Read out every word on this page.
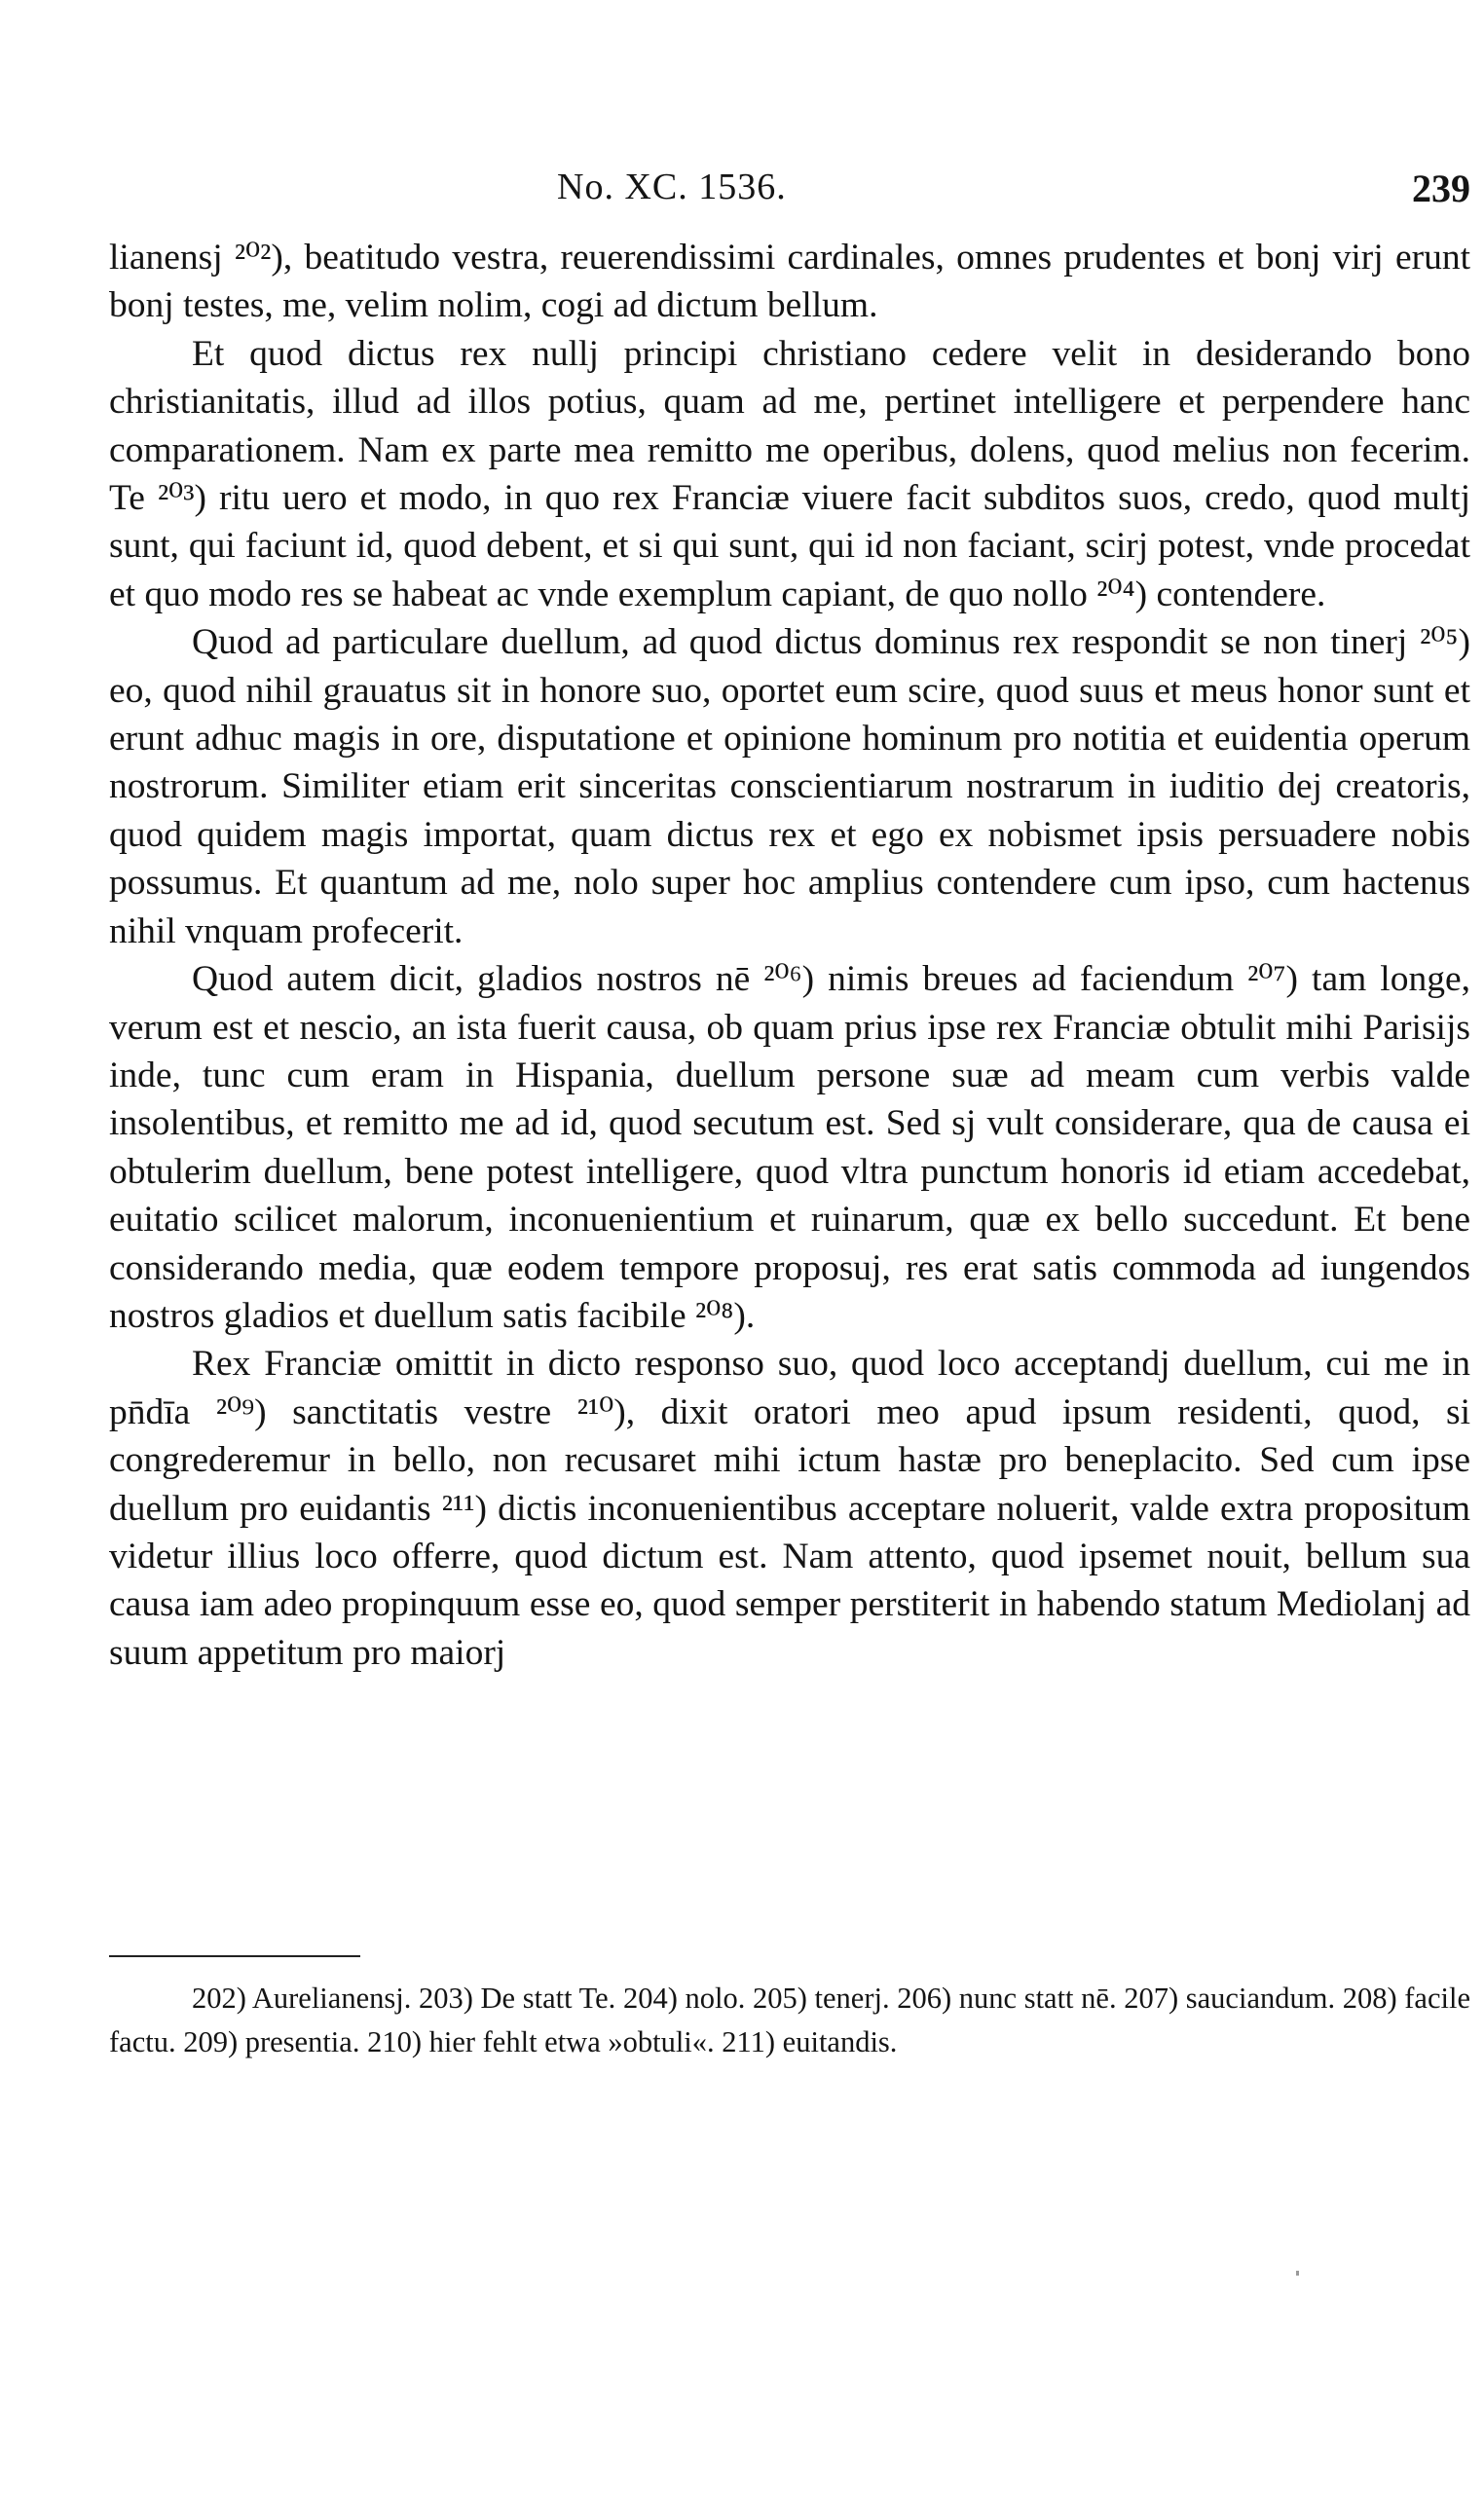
No. XC. 1536.	239

lianensj ²⁰²), beatitudo vestra, reuerendissimi cardinales, omnes prudentes et bonj virj erunt bonj testes, me, velim nolim, cogi ad dictum bellum.

Et quod dictus rex nullj principi christiano cedere velit in desiderando bono christianitatis, illud ad illos potius, quam ad me, pertinet intelligere et perpendere hanc comparationem. Nam ex parte mea remitto me operibus, dolens, quod melius non fecerim. Te ²⁰³) ritu uero et modo, in quo rex Franciæ viuere facit subditos suos, credo, quod multj sunt, qui faciunt id, quod debent, et si qui sunt, qui id non faciant, scirj potest, vnde procedat et quo modo res se habeat ac vnde exemplum capiant, de quo nollo ²⁰⁴) contendere.

Quod ad particulare duellum, ad quod dictus dominus rex respondit se non tinerj ²⁰⁵) eo, quod nihil grauatus sit in honore suo, oportet eum scire, quod suus et meus honor sunt et erunt adhuc magis in ore, disputatione et opinione hominum pro notitia et euidentia operum nostrorum. Similiter etiam erit sinceritas conscientiarum nostrarum in iuditio dej creatoris, quod quidem magis importat, quam dictus rex et ego ex nobismet ipsis persuadere nobis possumus. Et quantum ad me, nolo super hoc amplius contendere cum ipso, cum hactenus nihil vnquam profecerit.

Quod autem dicit, gladios nostros nē ²⁰⁶) nimis breues ad faciendum ²⁰⁷) tam longe, verum est et nescio, an ista fuerit causa, ob quam prius ipse rex Franciæ obtulit mihi Parisijs inde, tunc cum eram in Hispania, duellum persone suæ ad meam cum verbis valde insolentibus, et remitto me ad id, quod secutum est. Sed sj vult considerare, qua de causa ei obtulerim duellum, bene potest intelligere, quod vltra punctum honoris id etiam accedebat, euitatio scilicet malorum, inconuenientium et ruinarum, quæ ex bello succedunt. Et bene considerando media, quæ eodem tempore proposuj, res erat satis commoda ad iungendos nostros gladios et duellum satis facibile ²⁰⁸).

Rex Franciæ omittit in dicto responso suo, quod loco acceptandj duellum, cui me in pn̄dīa ²⁰⁹) sanctitatis vestre ²¹⁰), dixit oratori meo apud ipsum residenti, quod, si congrederemur in bello, non recusaret mihi ictum hastæ pro beneplacito. Sed cum ipse duellum pro euidantis ²¹¹) dictis inconuenientibus acceptare noluerit, valde extra propositum videtur illius loco offerre, quod dictum est. Nam attento, quod ipsemet nouit, bellum sua causa iam adeo propinquum esse eo, quod semper perstiterit in habendo statum Mediolanj ad suum appetitum pro maiorj

202) Aurelianensj. 203) De statt Te. 204) nolo. 205) tenerj. 206) nunc statt nē. 207) sauciandum. 208) facile factu. 209) presentia. 210) hier fehlt etwa »obtuli«. 211) euitandis.
